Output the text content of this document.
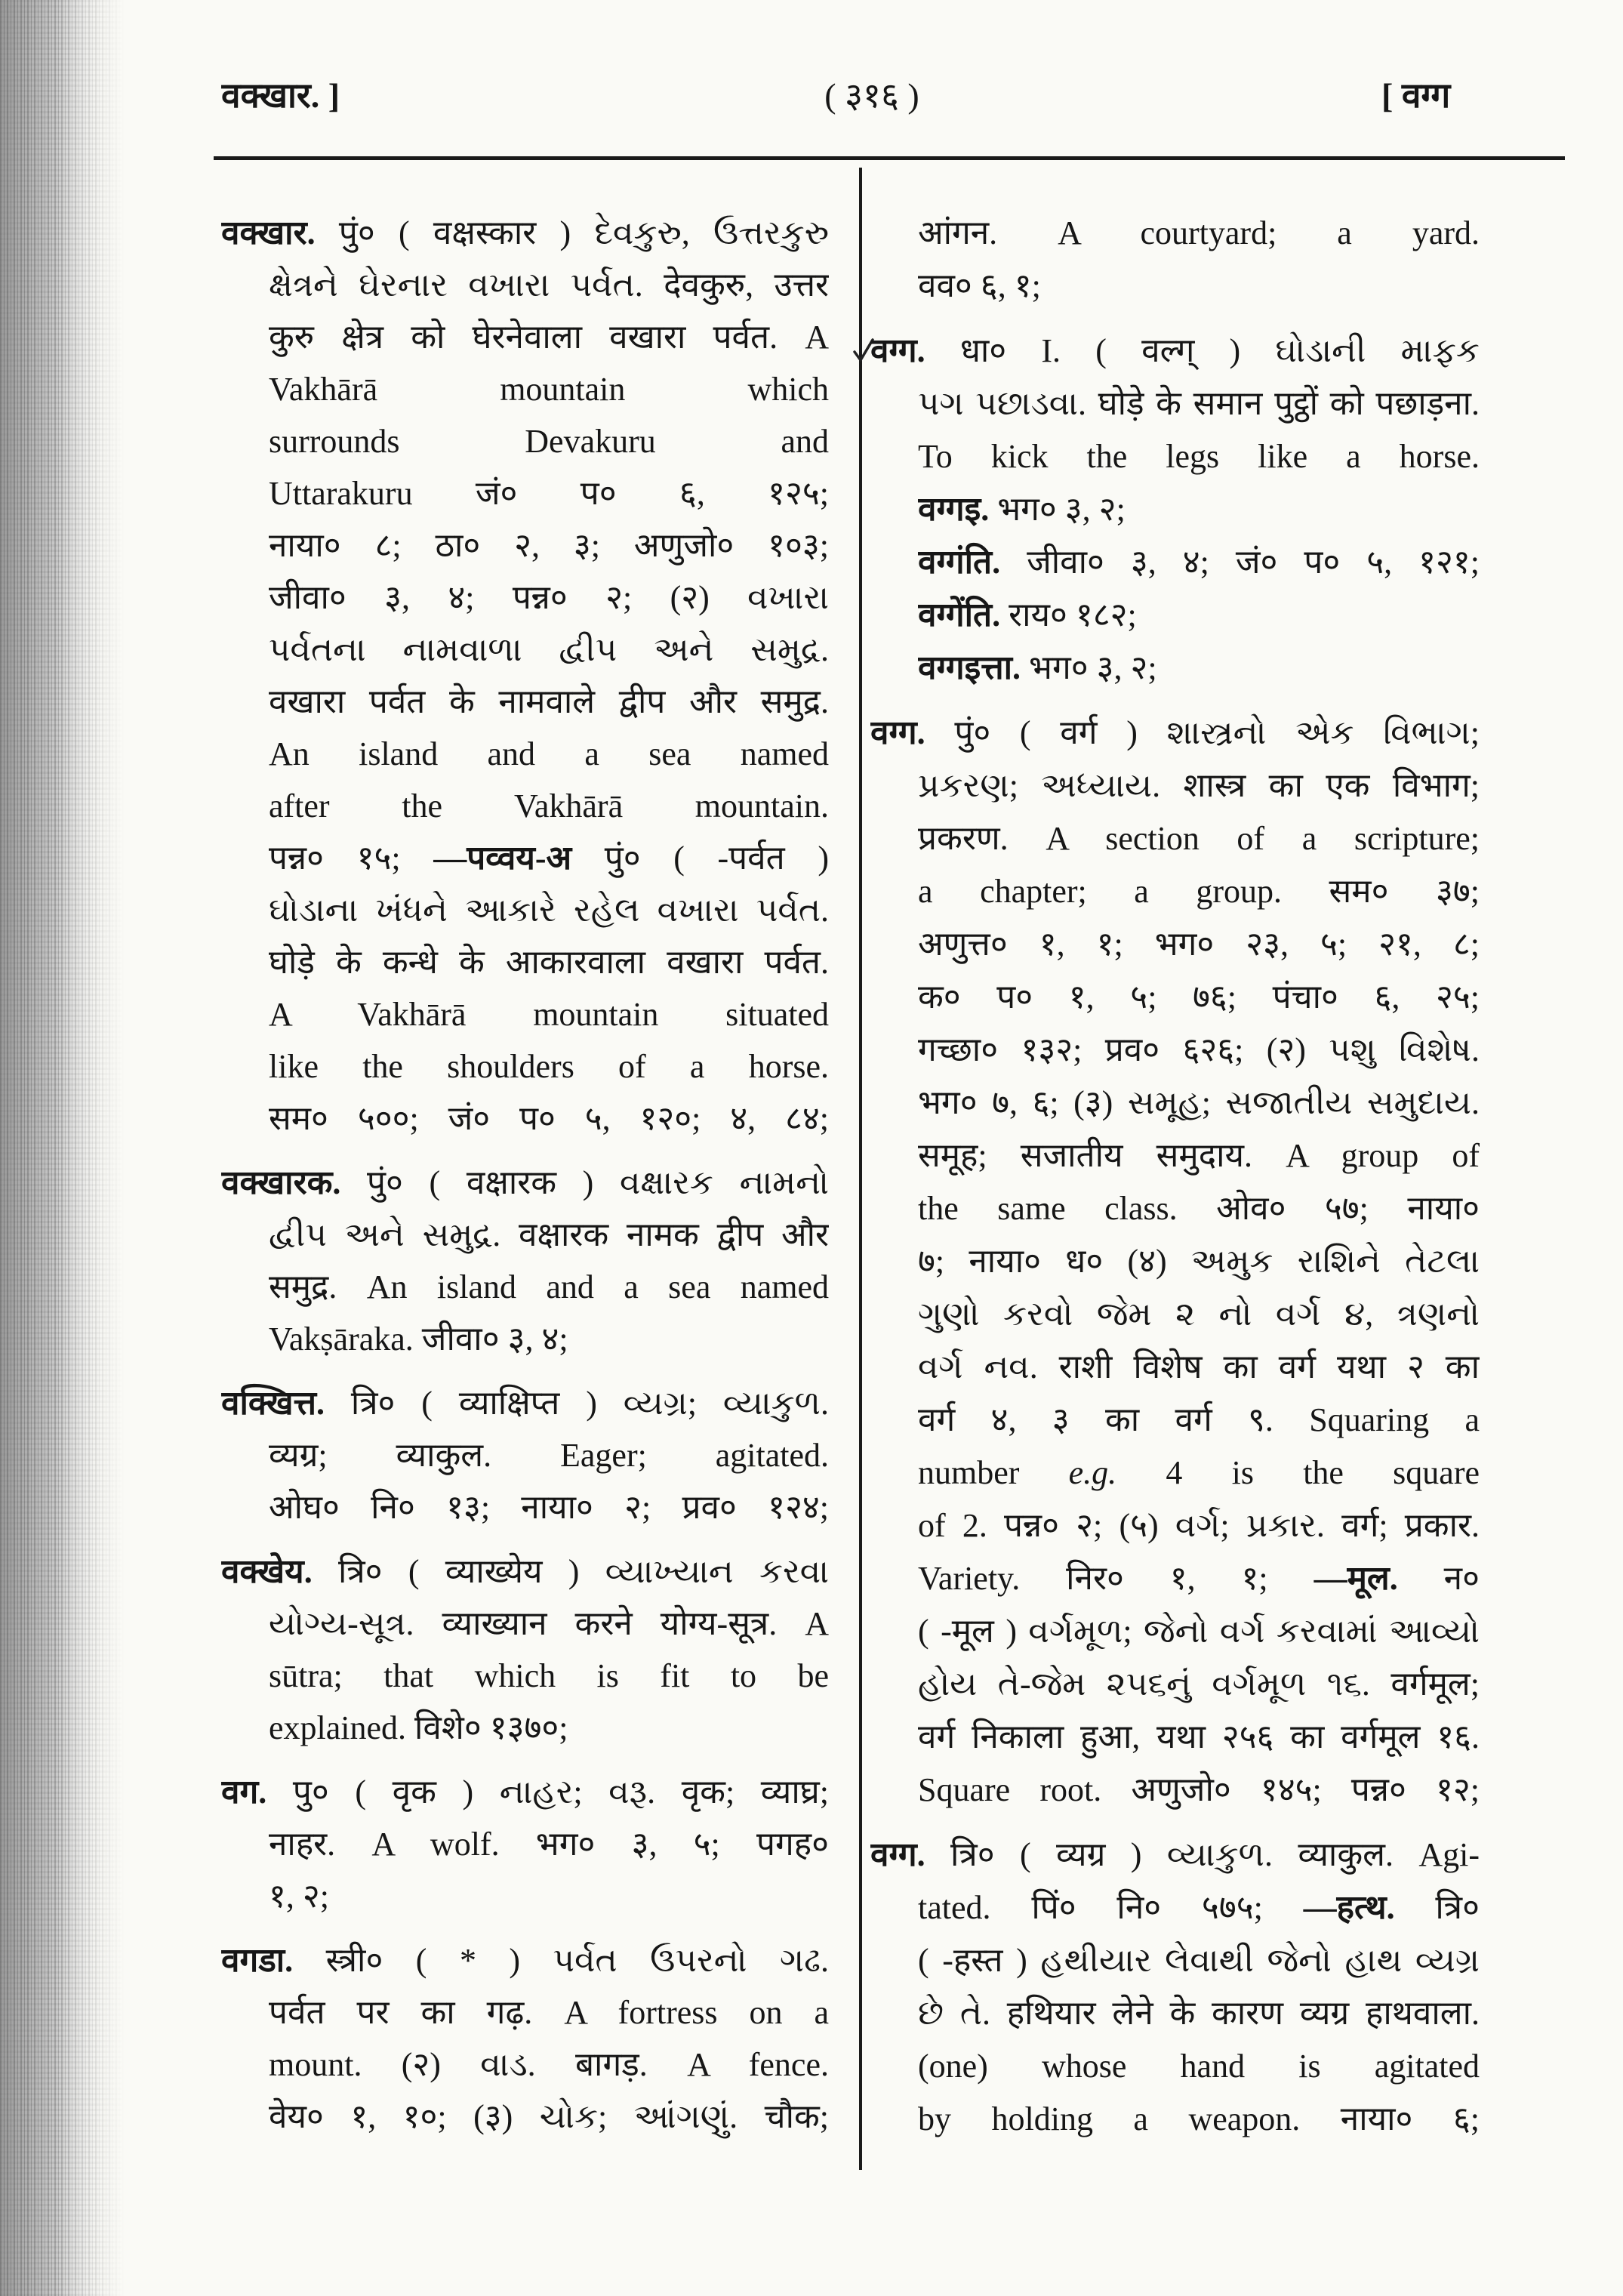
वक्खार. ]	( ३१६ )	[ वग्ग
वक्खार. पुं० ( वक्षस्कार ) દેવકુરુ, ઉત્તરકુરુ
ક્ષેત્રને ઘેરનાર વખારા પર્વત. देवकुरु, उत्तर
कुरु क्षेत्र को घेरनेवाला वखारा पर्वत. A
Vakhārā mountain which
surrounds Devakuru and
Uttarakuru जं० प० ६, १२५;
नाया० ८; ठा० २, ३; अणुजो० १०३;
जीवा० ३, ४; पन्न० २; (२) વખારા
પર્વતના નામવાળા દ્વીપ અને સમુદ્ર.
वखारा पर्वत के नामवाले द्वीप और समुद्र.
An island and a sea named
after the Vakhārā mountain.
पन्न० १५; —पव्वय-अ पुं० ( -पर्वत )
ઘોડાના ખંધને આકારે રહેલ વખારા પર્વત.
घोड़े के कन्धे के आकारवाला वखारा पर्वत.
A Vakhārā mountain situated
like the shoulders of a horse.
सम० ५००; जं० प० ५, १२०; ४, ८४;
वक्खारक. पुं० ( वक्षारक ) વક્ષારક નામનો
દ્વીપ અને સમુદ્ર. वक्षारक नामक द्वीप और
समुद्र. An island and a sea named
Vakṣāraka. जीवा० ३, ४;
वक्खित्त. त्रि० ( व्याक्षिप्त ) વ્યગ્ર; વ્યાકુળ.
व्यग्र; व्याकुल. Eager; agitated.
ओघ० नि० १३; नाया० २; प्रव० १२४;
वक्खेय. त्रि० ( व्याख्येय ) વ્યાખ્યાન કરવા
યોગ્ય-સૂત્ર. व्याख्यान करने योग्य-सूत्र. A
sūtra; that which is fit to be
explained. विशे० १३७०;
वग. पु० ( वृक ) નાહર; વરૂ. वृक; व्याघ्र;
नाहर. A wolf. भग० ३, ५; पगह०
१, २;
वगडा. स्त्री० ( * ) પર્વત ઉપરનો ગઢ.
पर्वत पर का गढ़. A fortress on a
mount. (२) વાડ. बागड़. A fence.
वेय० १, १०; (३) ચોક; આંગણું. चौक;
आंगन. A courtyard; a yard.
वव० ६, १;
वग्ग. धा० I. ( वल्ग् ) ઘોડાની માફક
પગ પછાડવા. घोड़े के समान पुट्ठों को पछाड़ना.
To kick the legs like a horse.
वग्गइ. भग० ३, २;
वग्गंति. जीवा० ३, ४; जं० प० ५, १२१;
वग्गेंति. राय० १८२;
वग्गइत्ता. भग० ३, २;
वग्ग. पुं० ( वर्ग ) શાસ્ત્રનો એક વિભાગ;
પ્રકરણ; અધ્યાય. शास्त्र का एक विभाग;
प्रकरण. A section of a scripture;
a chapter; a group. सम० ३७;
अणुत्त० १, १; भग० २३, ५; २१, ८;
क० प० १, ५; ७६; पंचा० ६, २५;
गच्छा० १३२; प्रव० ६२६; (२) પશુ વિશેષ.
भग० ७, ६; (३) સમૂહ; સજાતીય સમુદાય.
समूह; सजातीय समुदाय. A group of
the same class. ओव० ५७; नाया०
७; नाया० ध० (४) અમુક રાશિને તેટલા
ગુણો કરવો જેમ ૨ નો વર્ગ ૪, ત્રણનો
વર્ગ નવ. राशी विशेष का वर्ग यथा २ का
वर्ग ४, ३ का वर्ग ९. Squaring a
number e.g. 4 is the square
of 2. पन्न० २; (५) વર્ગ; પ્રકાર. वर्ग; प्रकार.
Variety. निर० १, १; —मूल. न०
( -मूल ) વર્ગમૂળ; જેનો વર્ગ કરવામાં આવ્યો
હોય તે-જેમ ૨૫૬નું વર્ગમૂળ ૧૬. वर्गमूल;
वर्ग निकाला हुआ, यथा २५६ का वर्गमूल १६.
Square root. अणुजो० १४५; पन्न० १२;
वग्ग. त्रि० ( व्यग्र ) વ્યાકુળ. व्याकुल. Agi-
tated. पिं० नि० ५७५; —हत्थ. त्रि०
( -हस्त ) હથીયાર લેવાથી જેનો હાથ વ્યગ્ર
છે તે. हथियार लेने के कारण व्यग्र हाथवाला.
(one) whose hand is agitated
by holding a weapon. नाया० ६;
